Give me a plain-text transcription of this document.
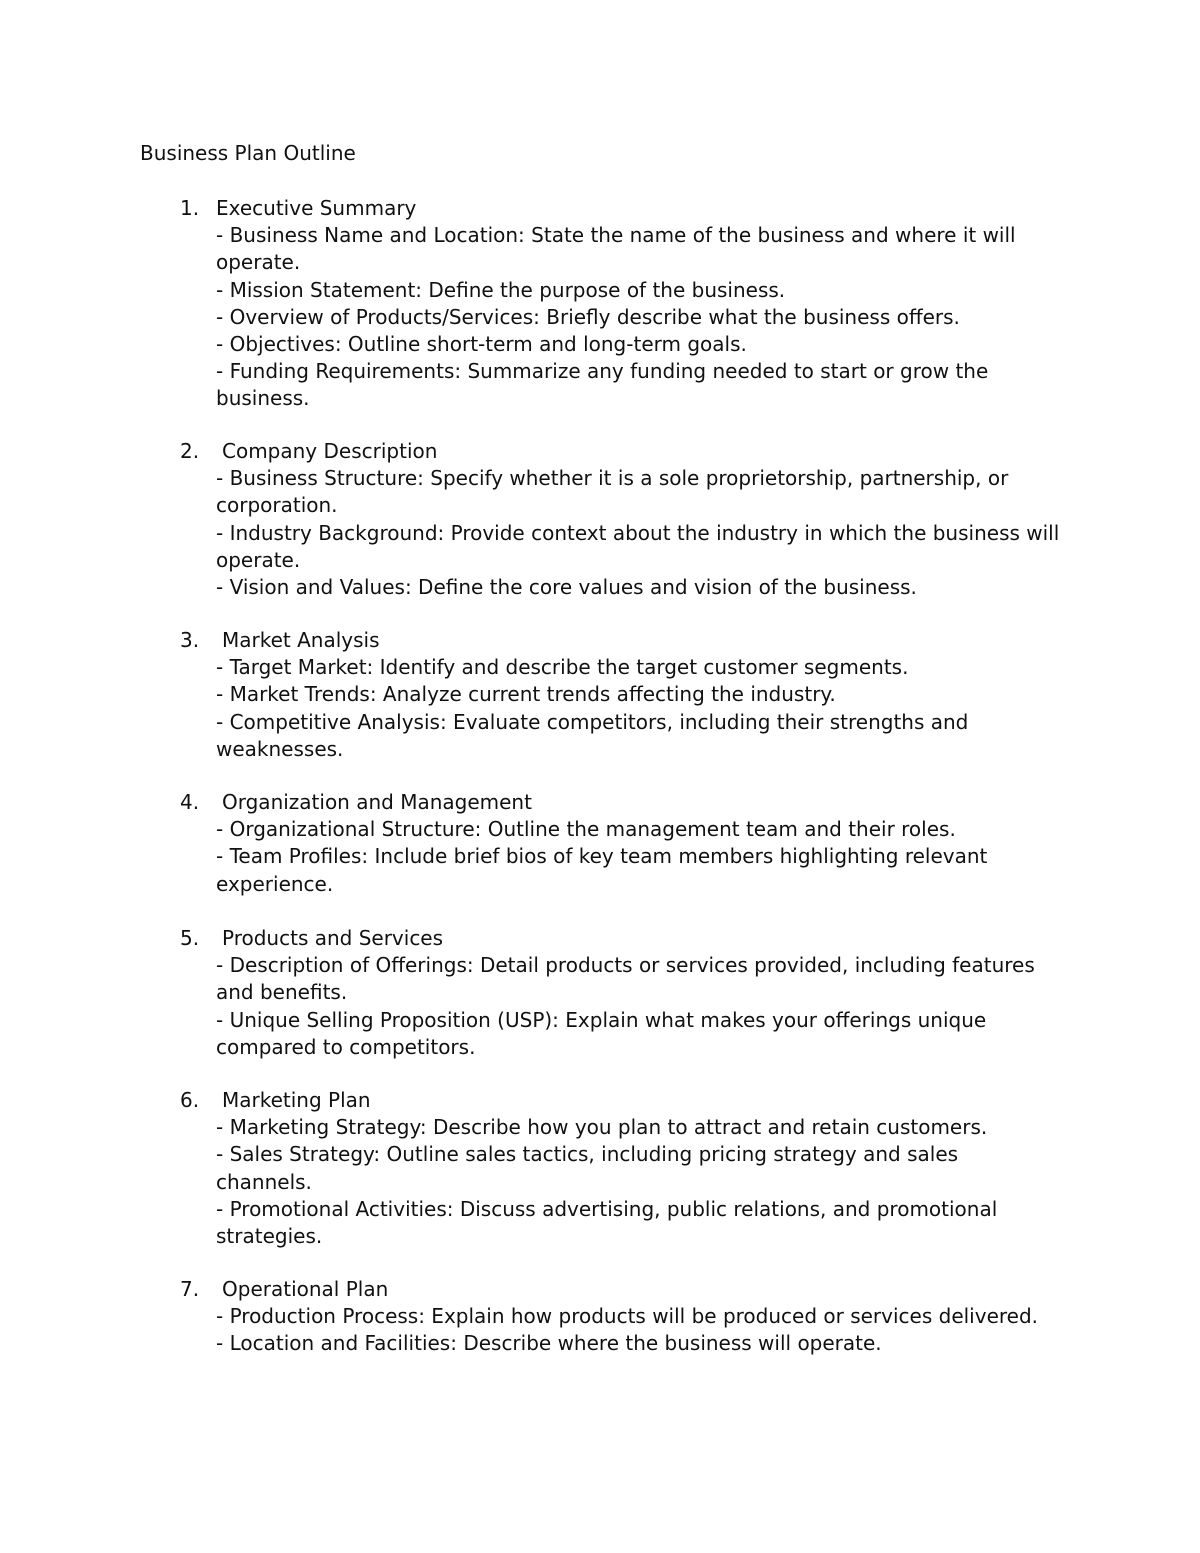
Business Plan Outline
1. Executive Summary
- Business Name and Location: State the name of the business and where it will operate.
- Mission Statement: Define the purpose of the business.
- Overview of Products/Services: Briefly describe what the business offers.
- Objectives: Outline short-term and long-term goals.
- Funding Requirements: Summarize any funding needed to start or grow the business.
2. Company Description
- Business Structure: Specify whether it is a sole proprietorship, partnership, or corporation.
- Industry Background: Provide context about the industry in which the business will operate.
- Vision and Values: Define the core values and vision of the business.
3. Market Analysis
- Target Market: Identify and describe the target customer segments.
- Market Trends: Analyze current trends affecting the industry.
- Competitive Analysis: Evaluate competitors, including their strengths and weaknesses.
4. Organization and Management
- Organizational Structure: Outline the management team and their roles.
- Team Profiles: Include brief bios of key team members highlighting relevant experience.
5. Products and Services
- Description of Offerings: Detail products or services provided, including features and benefits.
- Unique Selling Proposition (USP): Explain what makes your offerings unique compared to competitors.
6. Marketing Plan
- Marketing Strategy: Describe how you plan to attract and retain customers.
- Sales Strategy: Outline sales tactics, including pricing strategy and sales channels.
- Promotional Activities: Discuss advertising, public relations, and promotional strategies.
7. Operational Plan
- Production Process: Explain how products will be produced or services delivered.
- Location and Facilities: Describe where the business will operate.
